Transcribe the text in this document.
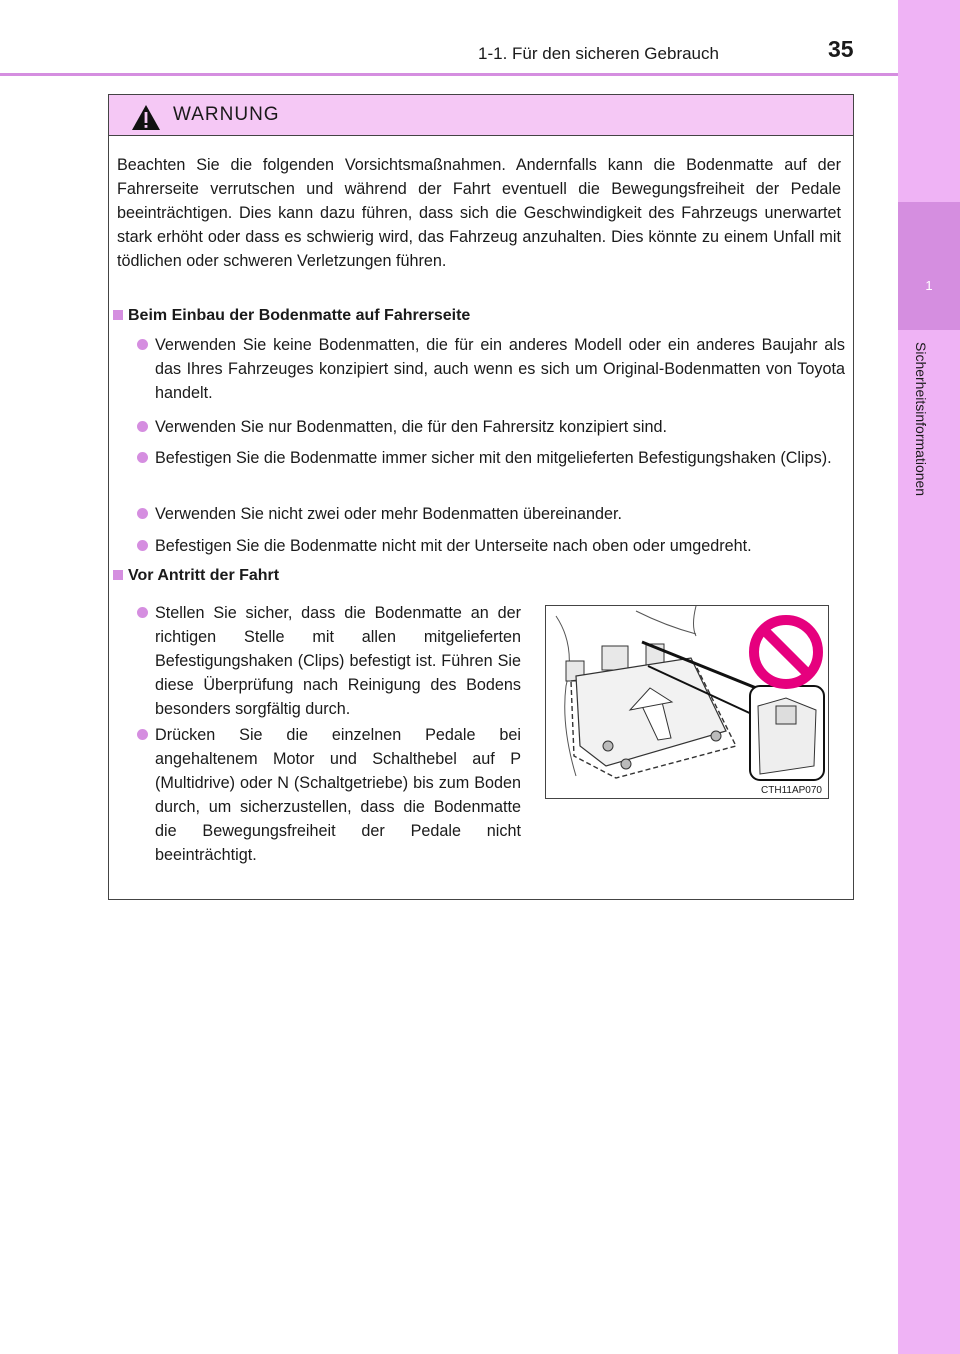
1
Sicherheitsinformationen
1-1. Für den sicheren Gebrauch	35
WARNUNG

Beachten Sie die folgenden Vorsichtsmaßnahmen. Andernfalls kann die Bodenmatte auf der Fahrerseite verrutschen und während der Fahrt eventuell die Bewegungsfreiheit der Pedale beeinträchtigen. Dies kann dazu führen, dass sich die Geschwindigkeit des Fahrzeugs unerwartet stark erhöht oder dass es schwierig wird, das Fahrzeug anzuhalten. Dies könnte zu einem Unfall mit tödlichen oder schweren Verletzungen führen.

Beim Einbau der Bodenmatte auf Fahrerseite
Verwenden Sie keine Bodenmatten, die für ein anderes Modell oder ein anderes Baujahr als das Ihres Fahrzeuges konzipiert sind, auch wenn es sich um Original-Bodenmatten von Toyota handelt.
Verwenden Sie nur Bodenmatten, die für den Fahrersitz konzipiert sind.
Befestigen Sie die Bodenmatte immer sicher mit den mitgelieferten Befestigungshaken (Clips).
Verwenden Sie nicht zwei oder mehr Bodenmatten übereinander.
Befestigen Sie die Bodenmatte nicht mit der Unterseite nach oben oder umgedreht.
Vor Antritt der Fahrt
Stellen Sie sicher, dass die Bodenmatte an der richtigen Stelle mit allen mitgelieferten Befestigungshaken (Clips) befestigt ist. Führen Sie diese Überprüfung nach Reinigung des Bodens besonders sorgfältig durch.
Drücken Sie die einzelnen Pedale bei angehaltenem Motor und Schalthebel auf P (Multidrive) oder N (Schaltgetriebe) bis zum Boden durch, um sicherzustellen, dass die Bodenmatte die Bewegungsfreiheit der Pedale nicht beeinträchtigt.
CTH11AP070
